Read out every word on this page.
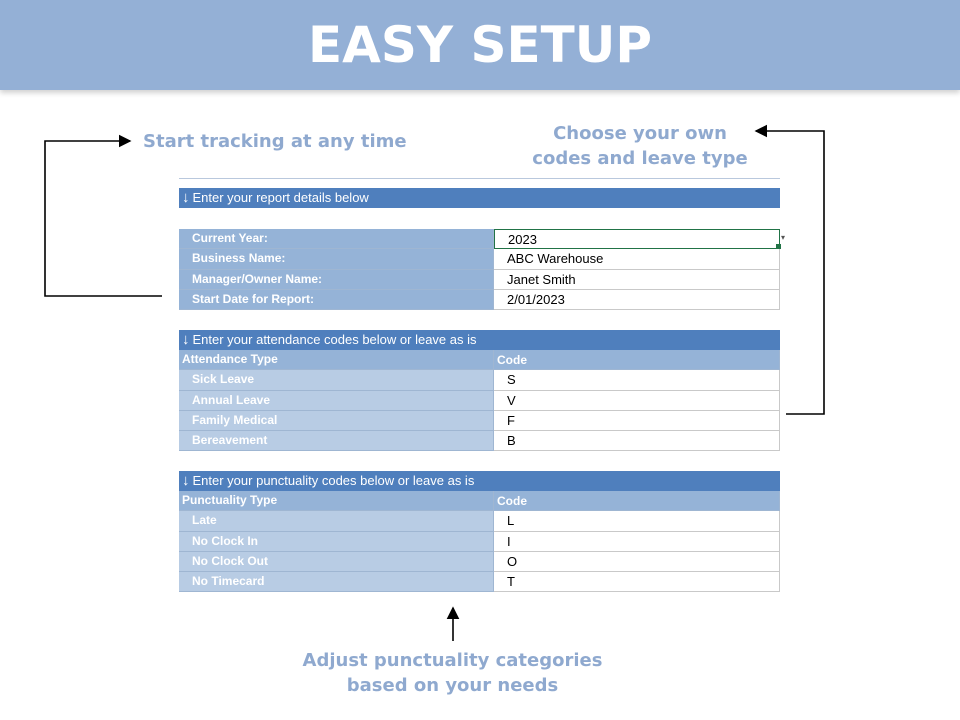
EASY SETUP
Start tracking at any time	Choose your own
codes and leave type
Adjust punctuality categories
based on your needs
↓ Enter your report details below
Current Year:	2023	▾
Business Name:	ABC Warehouse
Manager/Owner Name:	Janet Smith
Start Date for Report:	2/01/2023
↓ Enter your attendance codes below or leave as is
Attendance Type	Code
Sick Leave	S
Annual Leave	V
Family Medical	F
Bereavement	B
↓ Enter your punctuality codes below or leave as is
Punctuality Type	Code
Late	L
No Clock In	I
No Clock Out	O
No Timecard	T
